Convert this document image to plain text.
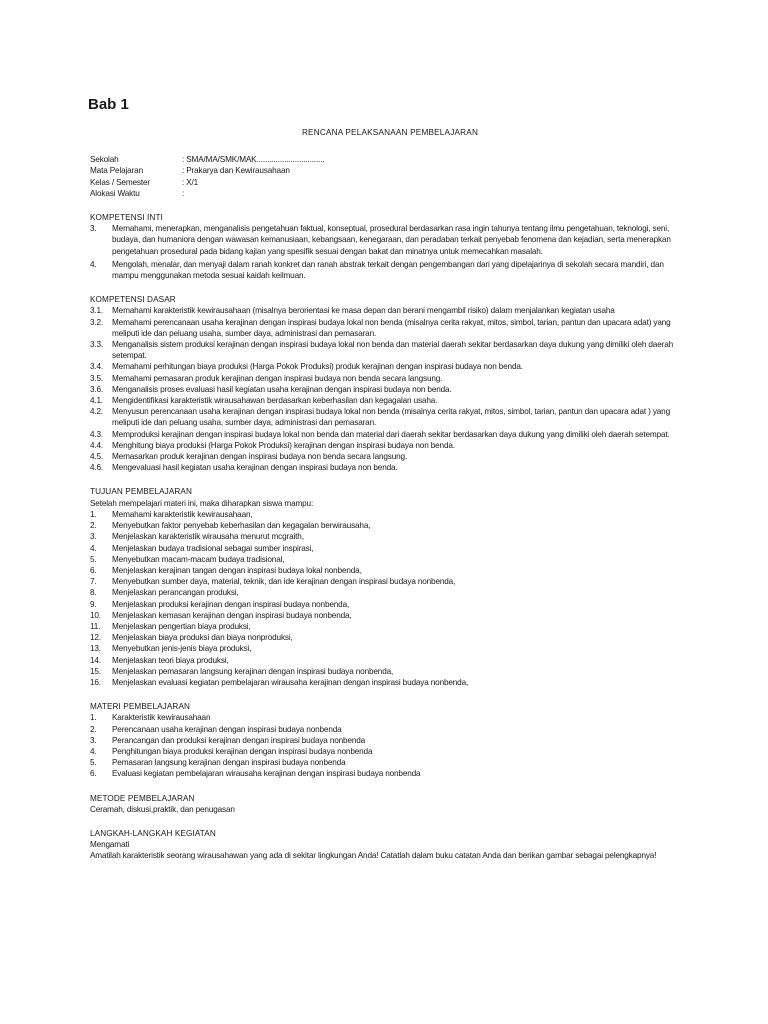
Bab 1
RENCANA PELAKSANAAN PEMBELAJARAN
Sekolah	: SMA/MA/SMK/MAK................................
Mata Pelajaran	: Prakarya dan Kewirausahaan
Kelas / Semester	: X/1
Alokasi Waktu	:
KOMPETENSI INTI
3.	Memahami, menerapkan, menganalisis pengetahuan faktual, konseptual, prosedural berdasarkan rasa ingin tahunya tentang ilmu pengetahuan, teknologi, seni, budaya, dan humaniora dengan wawasan kemanusiaan, kebangsaan, kenegaraan, dan peradaban terkait penyebab fenomena dan kejadian, serta menerapkan pengetahuan prosedural pada bidang kajian yang spesifik sesuai dengan bakat dan minatnya untuk memecahkan masalah.
4.	Mengolah, menalar, dan menyaji dalam ranah konkret dan ranah abstrak terkait dengan pengembangan dari yang dipelajarinya di sekolah secara mandiri, dan mampu menggunakan metoda sesuai kaidah keilmuan.
KOMPETENSI DASAR
3.1.	Memahami karakteristik kewirausahaan (misalnya berorientasi ke masa depan dan berani mengambil risiko) dalam menjalankan kegiatan usaha
3.2.	Memahami perencanaan usaha kerajinan dengan inspirasi budaya lokal non benda (misalnya cerita rakyat, mitos, simbol, tarian, pantun dan upacara adat) yang meliputi ide dan peluang usaha, sumber daya, administrasi dan pemasaran.
3.3.	Menganalisis sistem produksi kerajinan dengan inspirasi budaya lokal non benda dan material daerah sekitar berdasarkan daya dukung yang dimiliki oleh daerah setempat.
3.4.	Memahami perhitungan biaya produksi (Harga Pokok Produksi) produk kerajinan dengan inspirasi budaya non benda.
3.5.	Memahami pemasaran produk kerajinan dengan inspirasi budaya non benda secara langsung.
3.6.	Menganalisis proses evaluasi hasil kegiatan usaha kerajinan dengan inspirasi budaya non benda.
4.1.	Mengidentifikasi karakteristik wirausahawan berdasarkan keberhasilan dan kegagalan usaha.
4.2.	Menyusun perencanaan usaha kerajinan dengan inspirasi budaya lokal non benda (misalnya cerita rakyat, mitos, simbol, tarian, pantun dan upacara adat ) yang meliputi ide dan peluang usaha, sumber daya, administrasi dan pemasaran.
4.3.	Memproduksi kerajinan dengan inspirasi budaya lokal non benda dan material dari daerah sekitar berdasarkan daya dukung yang dimiliki oleh daerah setempat.
4.4.	Menghitung biaya produksi (Harga Pokok Produksi) kerajinan dengan inspirasi budaya non benda.
4.5.	Memasarkan produk kerajinan dengan inspirasi budaya non benda secara langsung.
4.6.	Mengevaluasi hasil kegiatan usaha kerajinan dengan inspirasi budaya non benda.
TUJUAN PEMBELAJARAN
Setelah mempelajari materi ini, maka diharapkan siswa mampu:
1.	Memahami karakteristik kewirausahaan,
2.	Menyebutkan faktor penyebab keberhasilan dan kegagalan berwirausaha,
3.	Menjelaskan karakteristik wirausaha menurut mcgraith,
4.	Menjelaskan budaya tradisional sebagai sumber inspirasi,
5.	Menyebutkan macam-macam budaya tradisional,
6.	Menjelaskan kerajinan tangan dengan inspirasi budaya lokal nonbenda,
7.	Menyebutkan sumber daya, material, teknik, dan ide kerajinan dengan inspirasi budaya nonbenda,
8.	Menjelaskan perancangan produksi,
9.	Menjelaskan produksi kerajinan dengan inspirasi budaya nonbenda,
10.	Menjelaskan kemasan kerajinan dengan inspirasi budaya nonbenda,
11.	Menjelaskan pengertian biaya produksi,
12.	Menjelaskan biaya produksi dan biaya nonproduksi,
13.	Menyebutkan jenis-jenis biaya produksi,
14.	Menjelaskan teori biaya produksi,
15.	Menjelaskan pemasaran langsung kerajinan dengan inspirasi budaya nonbenda,
16.	Menjelaskan evaluasi kegiatan pembelajaran wirausaha kerajinan dengan inspirasi budaya nonbenda,
MATERI PEMBELAJARAN
1.	Karakteristik kewirausahaan
2.	Perencanaan usaha kerajinan dengan inspirasi budaya nonbenda
3.	Perancangan dan produksi kerajinan dengan inspirasi budaya nonbenda
4.	Penghitungan biaya produksi kerajinan dengan inspirasi budaya nonbenda
5.	Pemasaran langsung kerajinan dengan inspirasi budaya nonbenda
6.	Evaluasi kegiatan pembelajaran wirausaha kerajinan dengan inspirasi budaya nonbenda
METODE PEMBELAJARAN
Ceramah, diskusi,praktik, dan penugasan
LANGKAH-LANGKAH KEGIATAN
Mengamati
Amatilah karakteristik seorang wirausahawan yang ada di sekitar lingkungan Anda! Catatlah dalam buku catatan Anda dan berikan gambar sebagai pelengkapnya!
